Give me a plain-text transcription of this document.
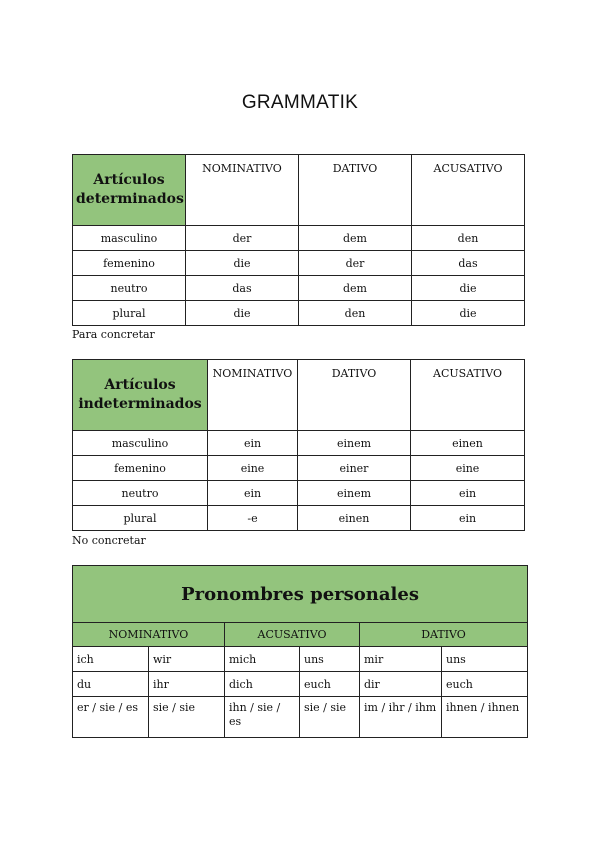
GRAMMATIK
Artículos
determinados	NOMINATIVO	DATIVO	ACUSATIVO
masculino	der	dem	den
femenino	die	der	das
neutro	das	dem	die
plural	die	den	die
Para concretar
Artículos
indeterminados	NOMINATIVO	DATIVO	ACUSATIVO
masculino	ein	einem	einen
femenino	eine	einer	eine
neutro	ein	einem	ein
plural	-e	einen	ein
No concretar
Pronombres personales					
NOMINATIVO		ACUSATIVO		DATIVO	
ich	wir	mich	uns	mir	uns
du	ihr	dich	euch	dir	euch
er / sie / es	sie / sie	ihn / sie / es	sie / sie	im / ihr / ihm	ihnen / ihnen
